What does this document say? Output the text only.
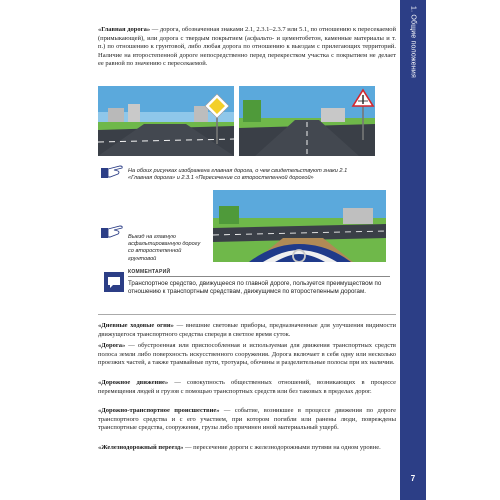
1. Общие положения
7

«Главная дорога» — дорога, обозначенная знаками 2.1, 2.3.1–2.3.7 или 5.1, по отношению к пересекаемой (примыкающей), или дорога с твердым покрытием (асфальто- и цементобетон, каменные материалы и т. п.) по отношению к грунтовой, либо любая дорога по отношению к выездам с прилегающих территорий. Наличие на второстепенной дороге непосредственно перед перекрестком участка с покрытием не делает ее равной по значению с пересекаемой.

На обоих рисунках изображена главная дорога, о чем свидетельствуют знаки 2.1 «Главная дорога» и 2.3.1 «Пересечение со второстепенной дорогой»

Выезд на главную асфальтированную дорогу со второстепенной грунтовой

КОММЕНТАРИЙ

Транспортное средство, движущееся по главной дороге, пользуется преимуществом по отношению к транспортным средствам, движущимся по второстепенным дорогам.

«Дневные ходовые огни» — внешние световые приборы, предназначенные для улучшения видимости движущегося транспортного средства спереди в светлое время суток.

«Дорога» — обустроенная или приспособленная и используемая для движения транспортных средств полоса земли либо поверхность искусственного сооружения. Дорога включает в себя одну или несколько проезжих частей, а также трамвайные пути, тротуары, обочины и разделительные полосы при их наличии.

«Дорожное движение» — совокупность общественных отношений, возникающих в процессе перемещения людей и грузов с помощью транспортных средств или без таковых в пределах дорог.

«Дорожно-транспортное происшествие» — событие, возникшее в процессе движения по дороге транспортного средства и с его участием, при котором погибли или ранены люди, повреждены транспортные средства, сооружения, грузы либо причинен иной материальный ущерб.

«Железнодорожный переезд» — пересечение дороги с железнодорожными путями на одном уровне.
